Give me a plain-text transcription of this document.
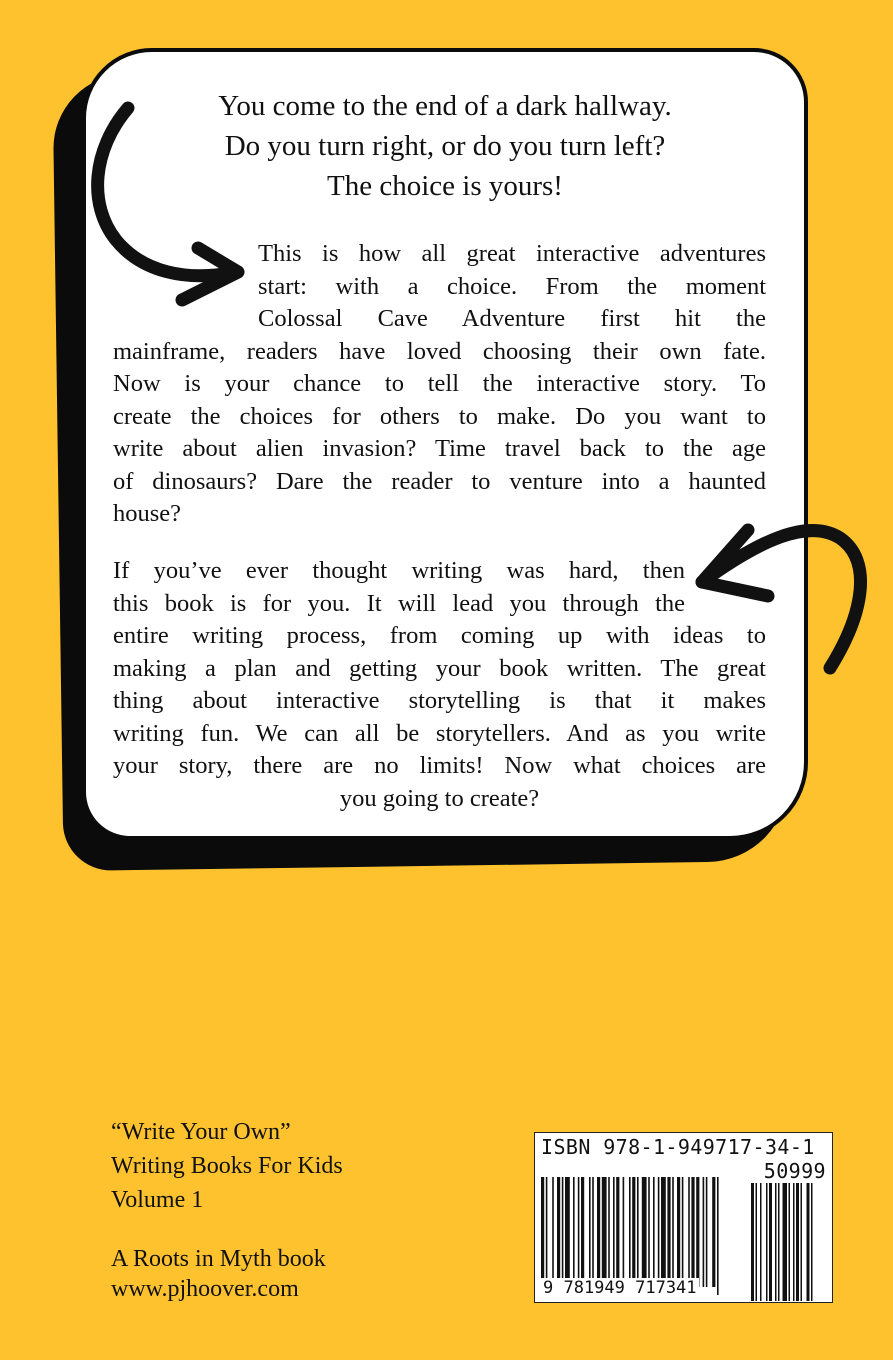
You come to the end of a dark hallway.
Do you turn right, or do you turn left?
The choice is yours!
This is how all great interactive adventures
start: with a choice. From the moment
Colossal Cave Adventure first hit the
mainframe, readers have loved choosing their own fate.
Now is your chance to tell the interactive story. To
create the choices for others to make. Do you want to
write about alien invasion? Time travel back to the age
of dinosaurs? Dare the reader to venture into a haunted
house?
If you’ve ever thought writing was hard, then
this book is for you. It will lead you through the
entire writing process, from coming up with ideas to
making a plan and getting your book written. The great
thing about interactive storytelling is that it makes
writing fun. We can all be storytellers. And as you write
your story, there are no limits! Now what choices are
you going to create?
“Write Your Own”
Writing Books For Kids
Volume 1
A Roots in Myth book
www.pjhoover.com
ISBN 978-1-949717-34-1
50999
9 781949 717341
